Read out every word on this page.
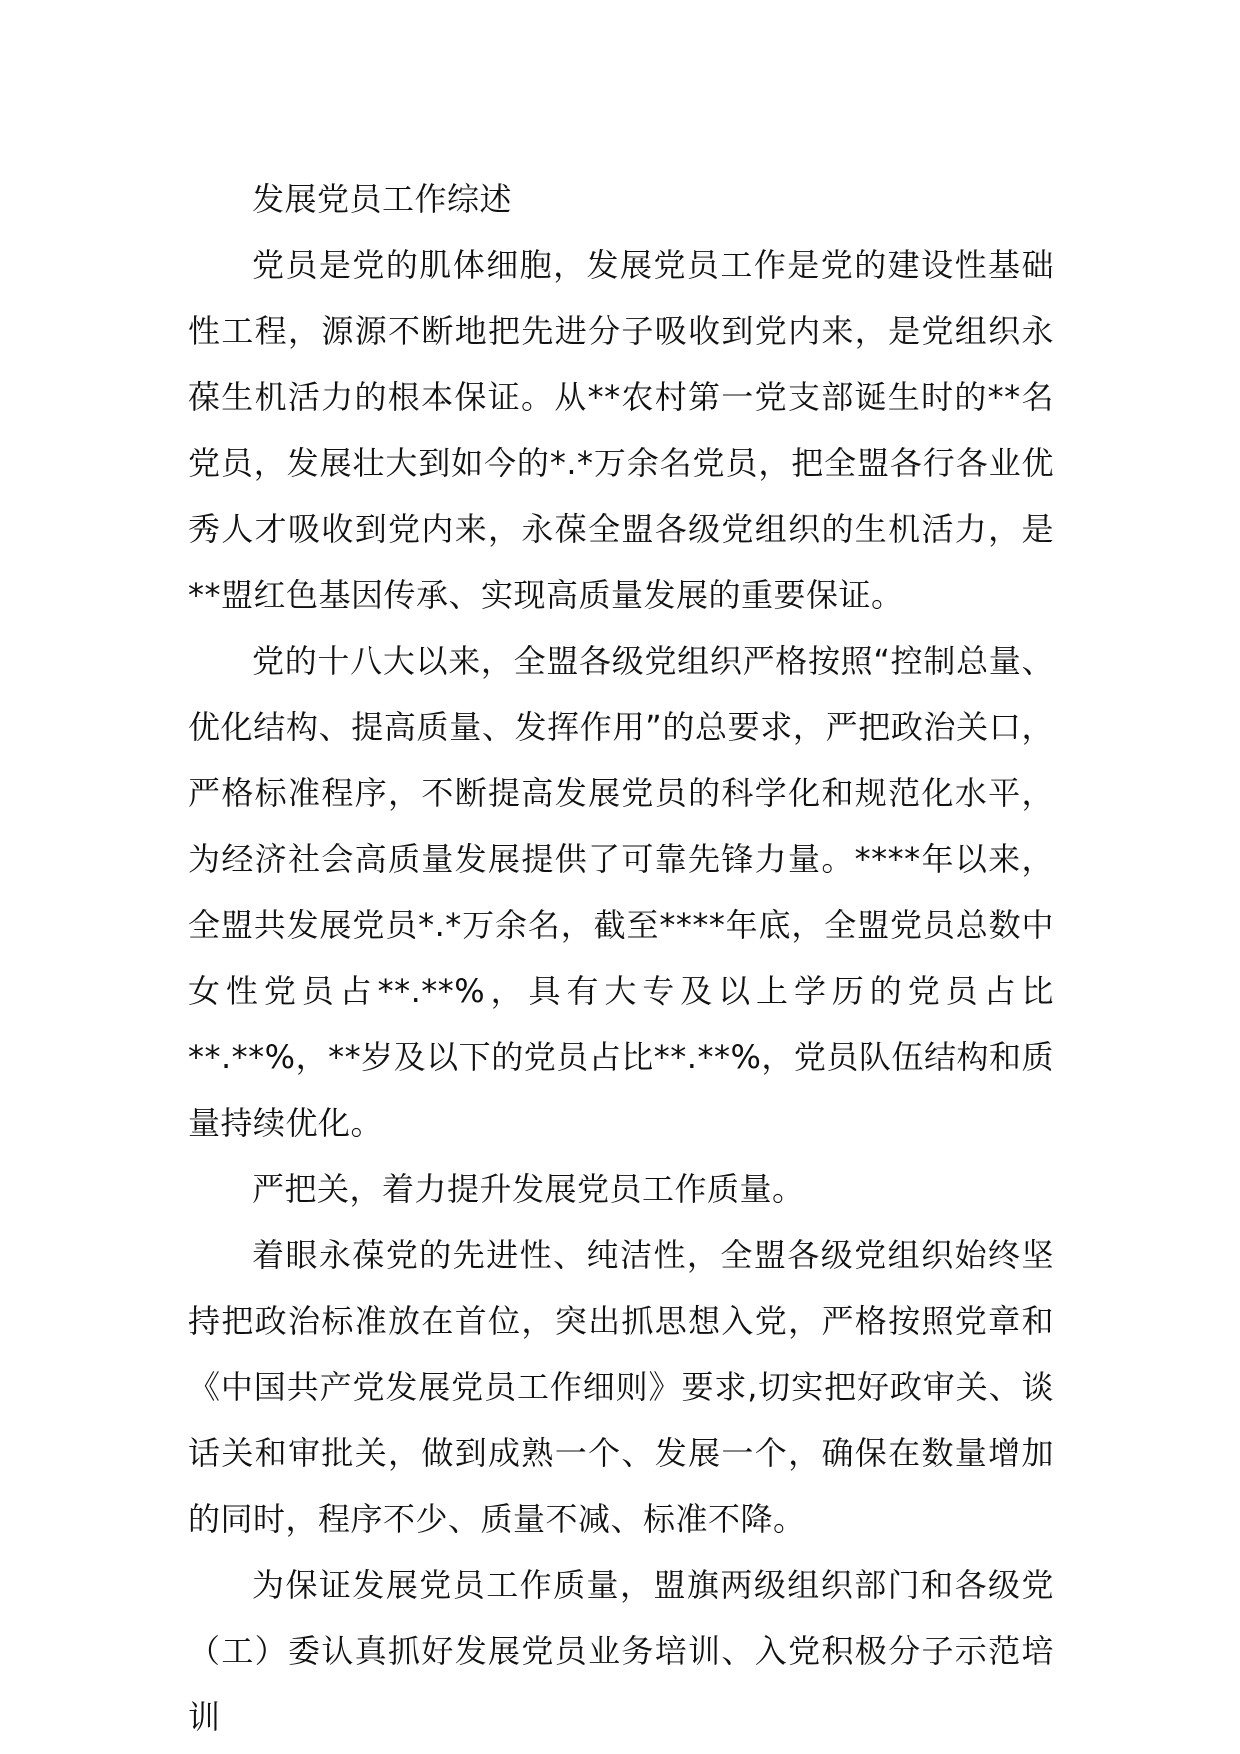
发展党员工作综述

党员是党的肌体细胞，发展党员工作是党的建设性基础性工程，源源不断地把先进分子吸收到党内来，是党组织永葆生机活力的根本保证。从**农村第一党支部诞生时的**名党员，发展壮大到如今的*.*万余名党员，把全盟各行各业优秀人才吸收到党内来，永葆全盟各级党组织的生机活力，是**盟红色基因传承、实现高质量发展的重要保证。

党的十八大以来，全盟各级党组织严格按照“控制总量、优化结构、提高质量、发挥作用”的总要求，严把政治关口，严格标准程序，不断提高发展党员的科学化和规范化水平，为经济社会高质量发展提供了可靠先锋力量。****年以来，全盟共发展党员*.*万余名，截至****年底，全盟党员总数中女性党员占**.**%，具有大专及以上学历的党员占比**.**%，**岁及以下的党员占比**.**%，党员队伍结构和质量持续优化。

严把关，着力提升发展党员工作质量。

着眼永葆党的先进性、纯洁性，全盟各级党组织始终坚持把政治标准放在首位，突出抓思想入党，严格按照党章和《中国共产党发展党员工作细则》要求,切实把好政审关、谈话关和审批关，做到成熟一个、发展一个，确保在数量增加的同时，程序不少、质量不减、标准不降。

为保证发展党员工作质量，盟旗两级组织部门和各级党（工）委认真抓好发展党员业务培训、入党积极分子示范培训
